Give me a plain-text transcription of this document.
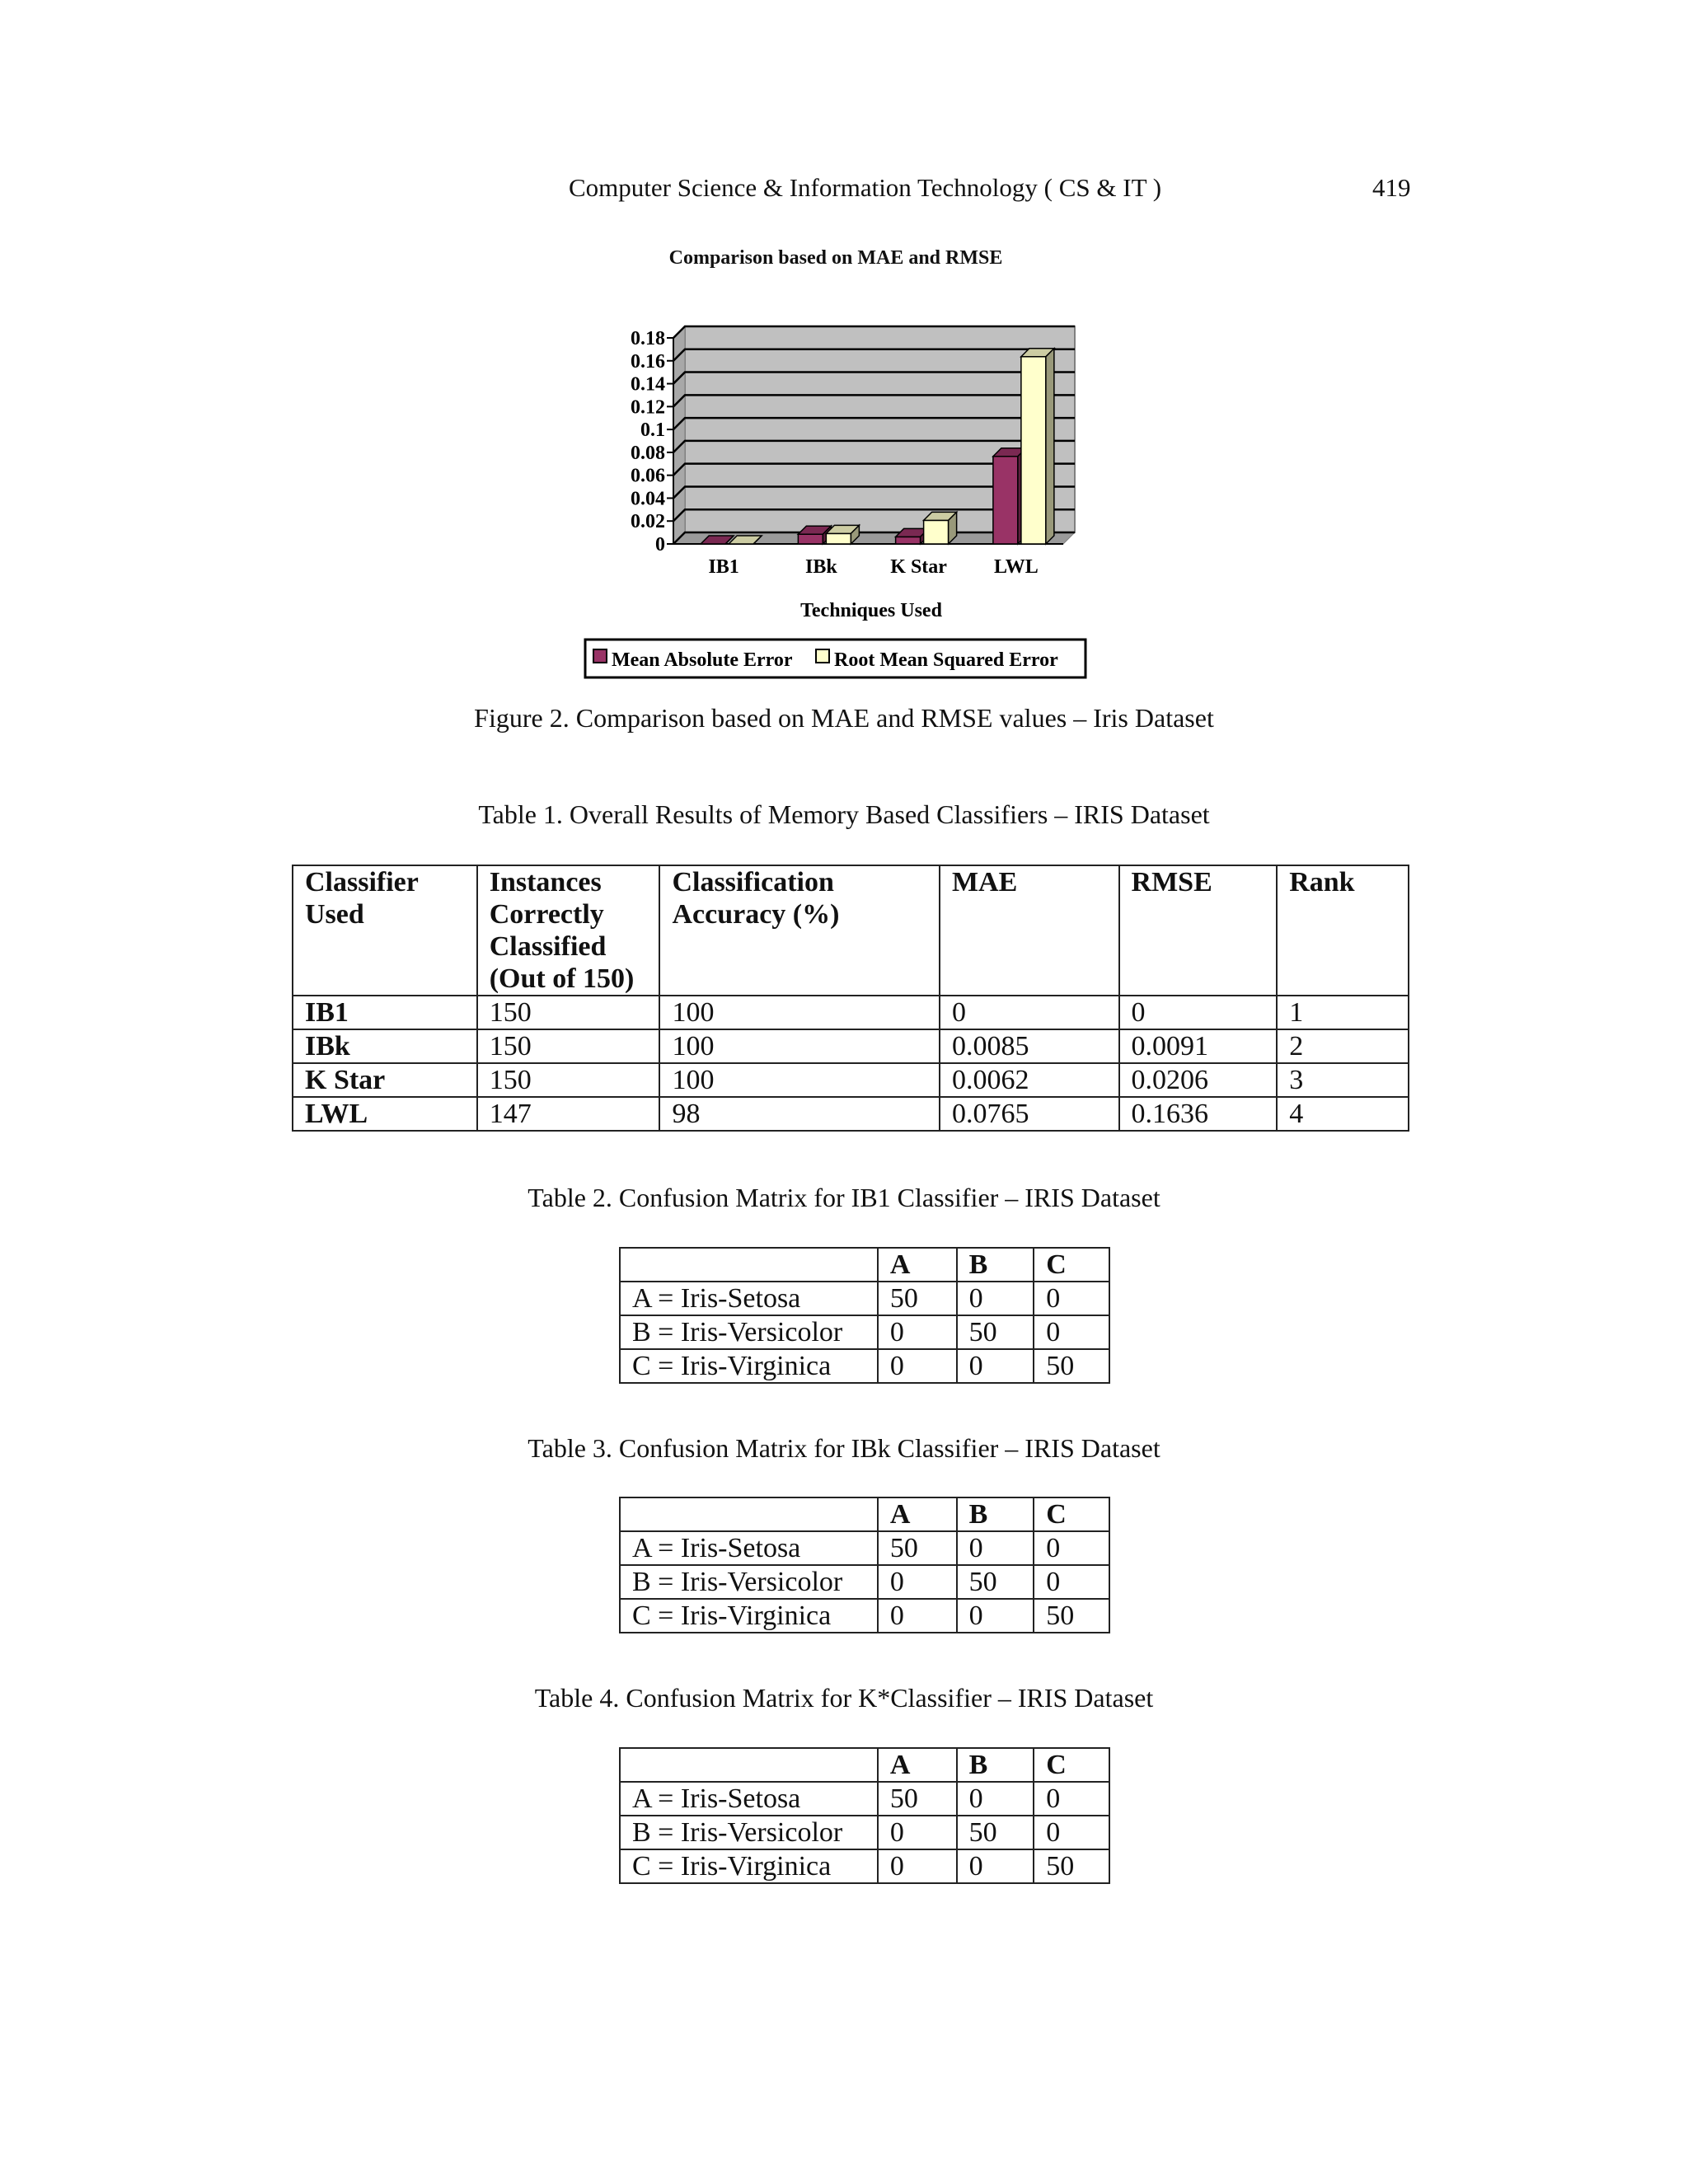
Computer Science & Information Technology ( CS & IT )	419
Comparison based on MAE and RMSE
0
0.02
0.04
0.06
0.08
0.1
0.12
0.14
0.16
0.18
IB1	IBk	K Star LWL
Techniques Used
Mean Absolute Error Root Mean Squared Error
Figure 2. Comparison based on MAE and RMSE values – Iris Dataset
Table 1. Overall Results of Memory Based Classifiers – IRIS Dataset
Classifier Used	Instances Correctly Classified (Out of 150)	Classification Accuracy (%)	MAE	RMSE	Rank
IB1	150	100	0	0	1
IBk	150	100	0.0085	0.0091	2
K Star	150	100	0.0062	0.0206	3
LWL	147	98	0.0765	0.1636	4
Table 2. Confusion Matrix for IB1 Classifier – IRIS Dataset
	A	B	C
A = Iris-Setosa	50	0	0
B = Iris-Versicolor	0	50	0
C = Iris-Virginica	0	0	50
Table 3. Confusion Matrix for IBk Classifier – IRIS Dataset
	A	B	C
A = Iris-Setosa	50	0	0
B = Iris-Versicolor	0	50	0
C = Iris-Virginica	0	0	50
Table 4. Confusion Matrix for K*Classifier – IRIS Dataset
	A	B	C
A = Iris-Setosa	50	0	0
B = Iris-Versicolor	0	50	0
C = Iris-Virginica	0	0	50
